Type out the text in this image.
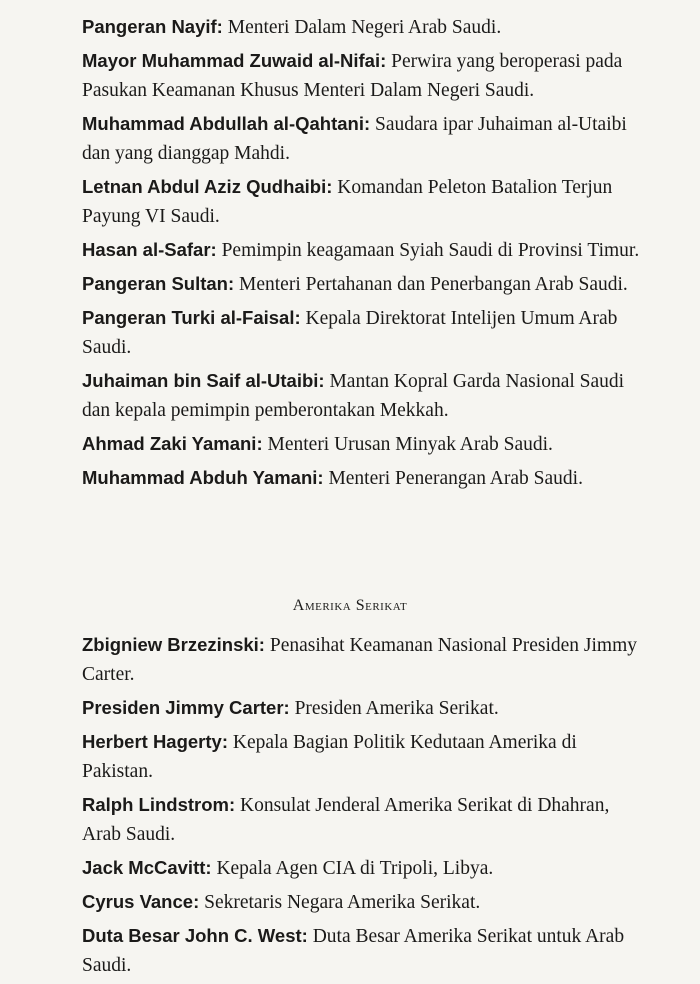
Pangeran Nayif: Menteri Dalam Negeri Arab Saudi.
Mayor Muhammad Zuwaid al-Nifai: Perwira yang beroperasi pada Pasukan Keamanan Khusus Menteri Dalam Negeri Saudi.
Muhammad Abdullah al-Qahtani: Saudara ipar Juhaiman al-Utaibi dan yang dianggap Mahdi.
Letnan Abdul Aziz Qudhaibi: Komandan Peleton Batalion Terjun Payung VI Saudi.
Hasan al-Safar: Pemimpin keagamaan Syiah Saudi di Provinsi Timur.
Pangeran Sultan: Menteri Pertahanan dan Penerbangan Arab Saudi.
Pangeran Turki al-Faisal: Kepala Direktorat Intelijen Umum Arab Saudi.
Juhaiman bin Saif al-Utaibi: Mantan Kopral Garda Nasional Saudi dan kepala pemimpin pemberontakan Mekkah.
Ahmad Zaki Yamani: Menteri Urusan Minyak Arab Saudi.
Muhammad Abduh Yamani: Menteri Penerangan Arab Saudi.
Amerika Serikat
Zbigniew Brzezinski: Penasihat Keamanan Nasional Presiden Jimmy Carter.
Presiden Jimmy Carter: Presiden Amerika Serikat.
Herbert Hagerty: Kepala Bagian Politik Kedutaan Amerika di Pakistan.
Ralph Lindstrom: Konsulat Jenderal Amerika Serikat di Dhahran, Arab Saudi.
Jack McCavitt: Kepala Agen CIA di Tripoli, Libya.
Cyrus Vance: Sekretaris Negara Amerika Serikat.
Duta Besar John C. West: Duta Besar Amerika Serikat untuk Arab Saudi.
